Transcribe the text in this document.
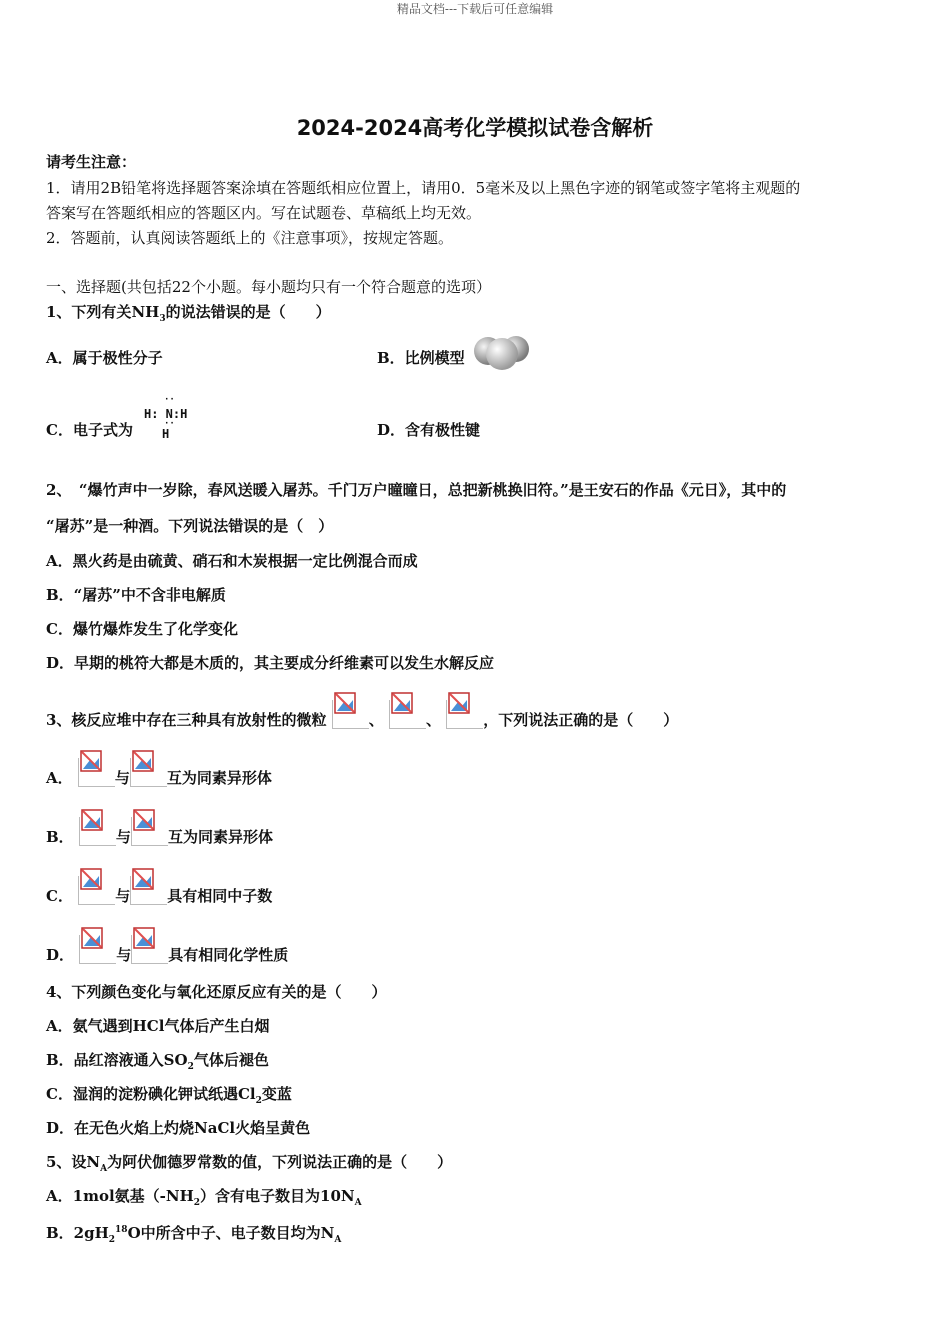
精品文档---下载后可任意编辑
2024-2024高考化学模拟试卷含解析
请考生注意：
1．请用2B铅笔将选择题答案涂填在答题纸相应位置上，请用0．5毫米及以上黑色字迹的钢笔或签字笔将主观题的
答案写在答题纸相应的答题区内。写在试题卷、草稿纸上均无效。
2．答题前，认真阅读答题纸上的《注意事项》，按规定答题。
一、选择题(共包括22个小题。每小题均只有一个符合题意的选项）
1、下列有关$NH_3$的说法错误的是（　　）
A．属于极性分子	B．比例模型
C．电子式为
··
H: N:H
··
H	D．含有极性键
2、　“爆竹声中一岁除，春风送暖入屠苏。千门万户曈曈日，总把新桃换旧符。”是王安石的作品《元日》，其中的
“屠苏”是一种酒。下列说法错误的是（　）
A．黑火药是由硫黄、硝石和木炭根据一定比例混合而成
B．“屠苏”中不含非电解质
C．爆竹爆炸发生了化学变化
D．早期的桃符大都是木质的，其主要成分纤维素可以发生水解反应
3、核反应堆中存在三种具有放射性的微粒	、	、	，下列说法正确的是（　　）
A．	与 互为同素异形体
B．	与 互为同素异形体
C．	与 具有相同中子数
D．	与 具有相同化学性质
4、下列颜色变化与氧化还原反应有关的是（　　）
A．氨气遇到HCl气体后产生白烟
B．品红溶液通入$SO_2$气体后褪色
C．湿润的淀粉碘化钾试纸遇$Cl_2$变蓝
D．在无色火焰上灼烧NaCl火焰呈黄色
5、设$N_A$为阿伏伽德罗常数的值，下列说法正确的是（　　）
A．1mol氨基$(-NH_2)$含有电子数目为$10N_A$
B．$2gH_2^{18}O$中所含中子、电子数目均为$N_A$
